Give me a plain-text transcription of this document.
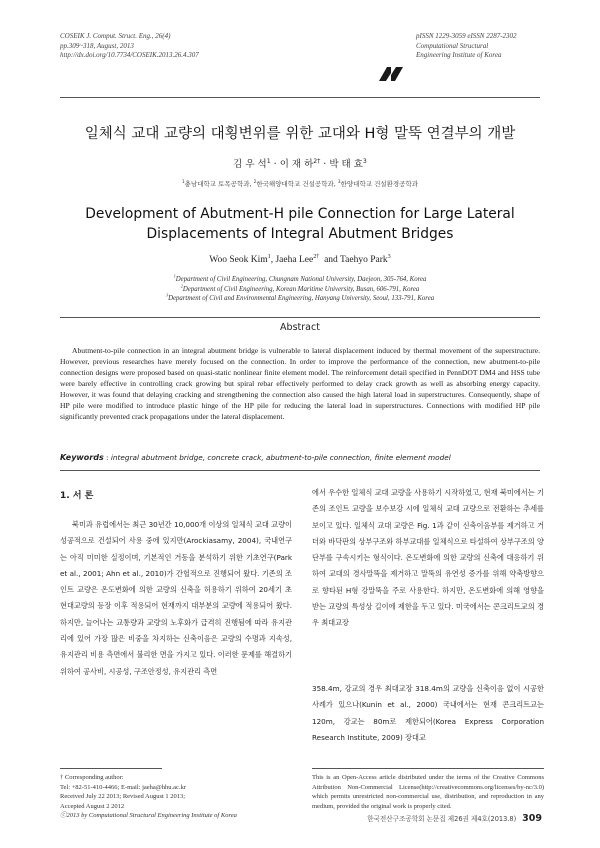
COSEIK J. Comput. Struct. Eng., 26(4)
pp.309~318, August, 2013
http://dx.doi.org/10.7734/COSEIK.2013.26.4.307
pISSN 1229-3059 eISSN 2287-2302
Computational Structural
Engineering Institute of Korea
일체식 교대 교량의 대횡변위를 위한 교대와 H형 말뚝 연결부의 개발
김 우 석$^1$ · 이 재 하$^{2\dagger}$ · 박 태 효$^3$
$^1$충남대학교 토목공학과, $^2$한국해양대학교 건설공학과, $^3$한양대학교 건설환경공학과
Development of Abutment-H pile Connection for Large Lateral
Displacements of Integral Abutment Bridges
Woo Seok Kim$^1$, Jaeha Lee$^{2\dagger}$ and Taehyo Park$^3$
$^1$Department of Civil Engineering, Chungnam National University, Daejeon, 305-764, Korea
$^2$Department of Civil Engineering, Korean Maritime University, Busan, 606-791, Korea
$^3$Department of Civil and Environmental Engineering, Hanyang University, Seoul, 133-791, Korea
Abstract
Abutment-to-pile connection in an integral abutment bridge is vulnerable to lateral displacement induced by thermal movement of the superstructure. However, previous researches have merely focused on the connection. In order to improve the performance of the connection, new abutment-to-pile connection designs were proposed based on quasi-static nonlinear finite element model. The reinforcement detail specified in PennDOT DM4 and HSS tube were barely effective in controlling crack growing but spiral rebar effectively performed to delay crack growth as well as absorbing energy capacity. However, it was found that delaying cracking and strengthening the connection also caused the high lateral load in superstructures. Consequently, shape of HP pile were modified to introduce plastic hinge of the HP pile for reducing the lateral load in superstructures. Connections with modified HP pile significantly prevented crack propagations under the lateral displacement.
Keywords : integral abutment bridge, concrete crack, abutment-to-pile connection, finite element model
1. 서 론
북미과 유럽에서는 최근 30년간 10,000개 이상의 일체식 교대 교량이 성공적으로 건설되어 사용 중에 있지만(Arockiasamy, 2004), 국내연구는 아직 미미한 실정이며, 기본적인 거동을 분석하기 위한 기초연구(Park et al., 2001; Ahn et al., 2010)가 간헐적으로 진행되어 왔다. 기존의 조인트 교량은 온도변화에 의한 교량의 신축을 허용하기 위하여 20세기 초 현대교량의 등장 이후 적용되어 현재까지 대부분의 교량에 적용되어 왔다. 하지만, 늘어나는 교통량과 교량의 노후화가 급격히 진행됨에 따라 유지관리에 있어 가장 많은 비중을 차지하는 신축이음은 교량의 수명과 지속성, 유지관리 비용 측면에서 불리한 면을 가지고 있다. 이러한 문제를 해결하기 위하여 공사비, 시공성, 구조안정성, 유지관리 측면
에서 우수한 일체식 교대 교량을 사용하기 시작하였고, 현재 북미에서는 기존의 조인트 교량을 보수보강 시에 일체식 교대 교량으로 전환하는 추세를 보이고 있다. 일체식 교대 교량은 Fig. 1과 같이 신축이음부를 제거하고 거더와 바닥판의 상부구조와 하부교대를 일체식으로 타설하여 상부구조의 양단부를 구속시키는 형식이다. 온도변화에 의한 교량의 신축에 대응하기 위하여 교대의 경사말뚝을 제거하고 말뚝의 유연성 증가를 위해 약축방향으로 향타된 H형 강말뚝을 주로 사용한다. 하지만, 온도변화에 의해 영향을 받는 교량의 특성상 길이에 제한을 두고 있다. 미국에서는 콘크리트교의 경우 최대교장
358.4m, 강교의 경우 최대교장 318.4m의 교량을 신축이음 없이 시공한 사례가 있으나(Kunin et al., 2000) 국내에서는 현재 콘크리트교는 120m, 강교는 80m로 제한되어(Korea Express Corporation Research Institute, 2009) 장대교
† Corresponding author:
Tel: +82-51-410-4466; E-mail: jaeha@hhu.ac.kr
Received July 22 2013; Revised August 1 2013;
Accepted August 2 2012
ⓒ2013 by Computational Structural Engineering Institute of Korea
This is an Open-Access article distributed under the terms of the Creative Commons Attribution Non-Commercial License(http://creativecommons.org/licenses/by-nc/3.0) which permits unrestricted non-commercial use, distribution, and reproduction in any medium, provided the original work is properly cited.
한국전산구조공학회 논문집 제26권 제4호(2013.8) 309
